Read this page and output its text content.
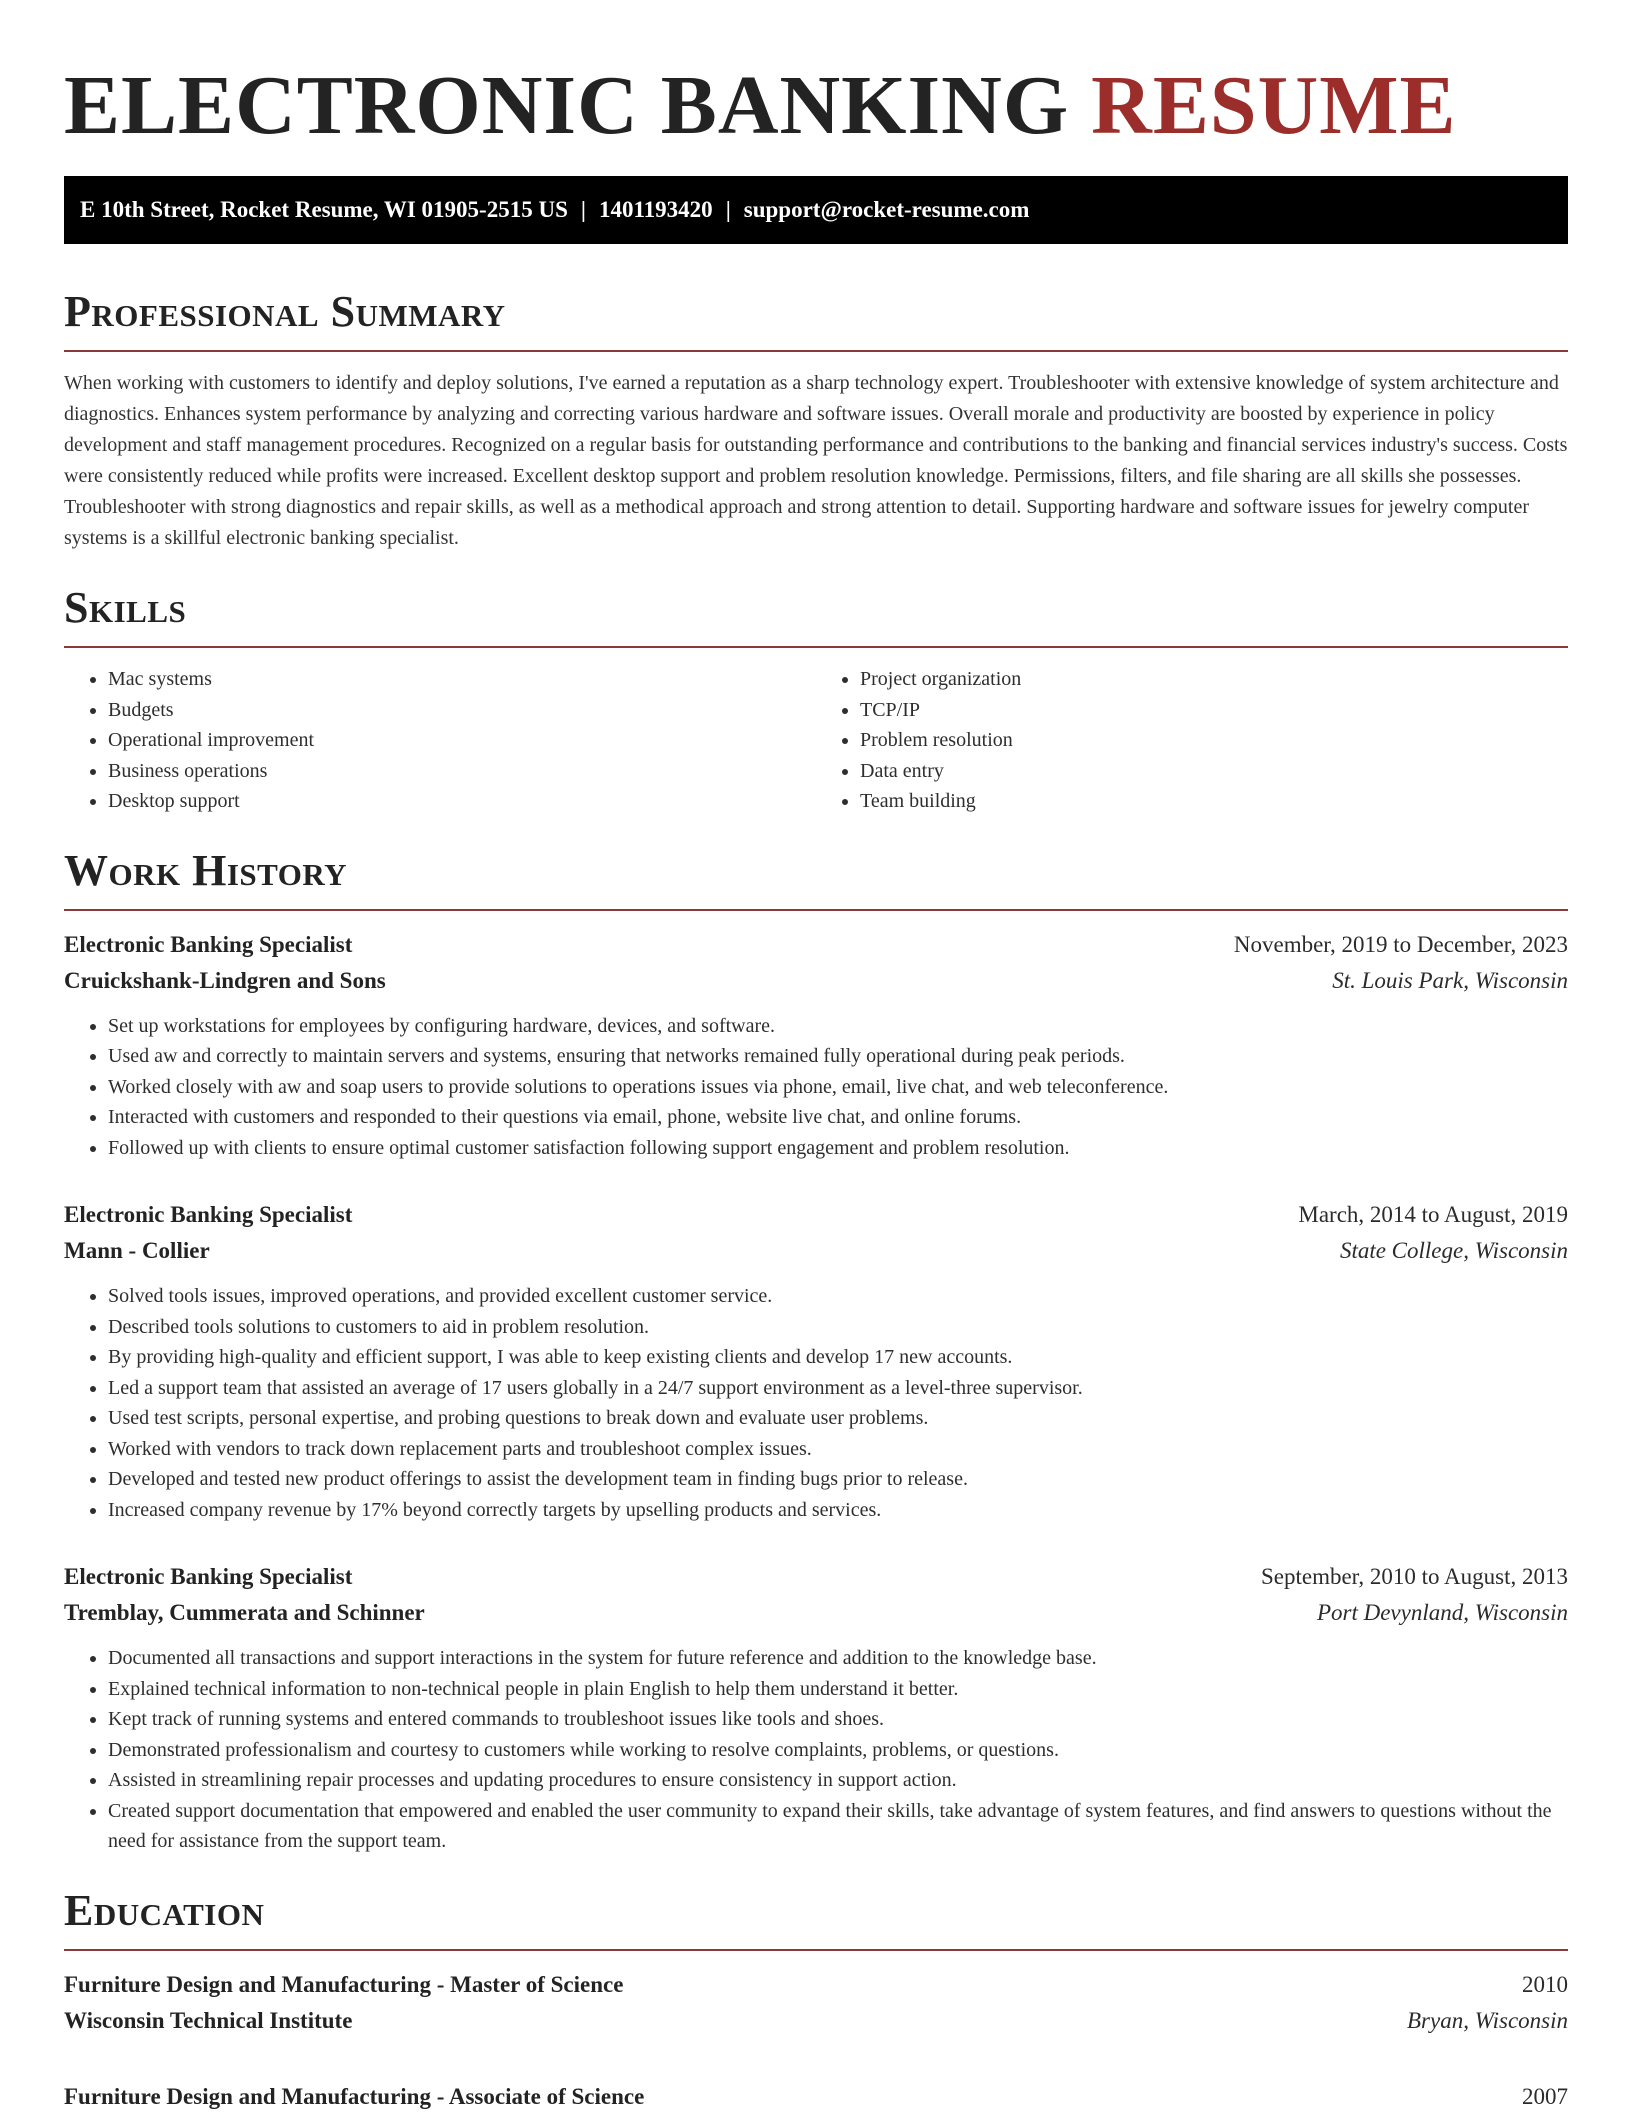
ELECTRONIC BANKING RESUME
E 10th Street, Rocket Resume, WI 01905-2515 US | 1401193420 | support@rocket-resume.com
Professional Summary

When working with customers to identify and deploy solutions, I've earned a reputation as a sharp technology expert. Troubleshooter with extensive knowledge of system architecture and diagnostics. Enhances system performance by analyzing and correcting various hardware and software issues. Overall morale and productivity are boosted by experience in policy development and staff management procedures. Recognized on a regular basis for outstanding performance and contributions to the banking and financial services industry's success. Costs were consistently reduced while profits were increased. Excellent desktop support and problem resolution knowledge. Permissions, filters, and file sharing are all skills she possesses. Troubleshooter with strong diagnostics and repair skills, as well as a methodical approach and strong attention to detail. Supporting hardware and software issues for jewelry computer systems is a skillful electronic banking specialist.

Skills
• Mac systems
• Budgets
• Operational improvement
• Business operations
• Desktop support
• Project organization
• TCP/IP
• Problem resolution
• Data entry
• Team building
Work History
Electronic Banking Specialist	November, 2019 to December, 2023
Cruickshank-Lindgren and Sons	St. Louis Park, Wisconsin
• Set up workstations for employees by configuring hardware, devices, and software.
• Used aw and correctly to maintain servers and systems, ensuring that networks remained fully operational during peak periods.
• Worked closely with aw and soap users to provide solutions to operations issues via phone, email, live chat, and web teleconference.
• Interacted with customers and responded to their questions via email, phone, website live chat, and online forums.
• Followed up with clients to ensure optimal customer satisfaction following support engagement and problem resolution.
Electronic Banking Specialist	March, 2014 to August, 2019
Mann - Collier	State College, Wisconsin
• Solved tools issues, improved operations, and provided excellent customer service.
• Described tools solutions to customers to aid in problem resolution.
• By providing high-quality and efficient support, I was able to keep existing clients and develop 17 new accounts.
• Led a support team that assisted an average of 17 users globally in a 24/7 support environment as a level-three supervisor.
• Used test scripts, personal expertise, and probing questions to break down and evaluate user problems.
• Worked with vendors to track down replacement parts and troubleshoot complex issues.
• Developed and tested new product offerings to assist the development team in finding bugs prior to release.
• Increased company revenue by 17% beyond correctly targets by upselling products and services.
Electronic Banking Specialist	September, 2010 to August, 2013
Tremblay, Cummerata and Schinner	Port Devynland, Wisconsin
• Documented all transactions and support interactions in the system for future reference and addition to the knowledge base.
• Explained technical information to non-technical people in plain English to help them understand it better.
• Kept track of running systems and entered commands to troubleshoot issues like tools and shoes.
• Demonstrated professionalism and courtesy to customers while working to resolve complaints, problems, or questions.
• Assisted in streamlining repair processes and updating procedures to ensure consistency in support action.
• Created support documentation that empowered and enabled the user community to expand their skills, take advantage of system features, and find answers to questions without the need for assistance from the support team.
Education
Furniture Design and Manufacturing - Master of Science	2010
Wisconsin Technical Institute	Bryan, Wisconsin
Furniture Design and Manufacturing - Associate of Science	2007
